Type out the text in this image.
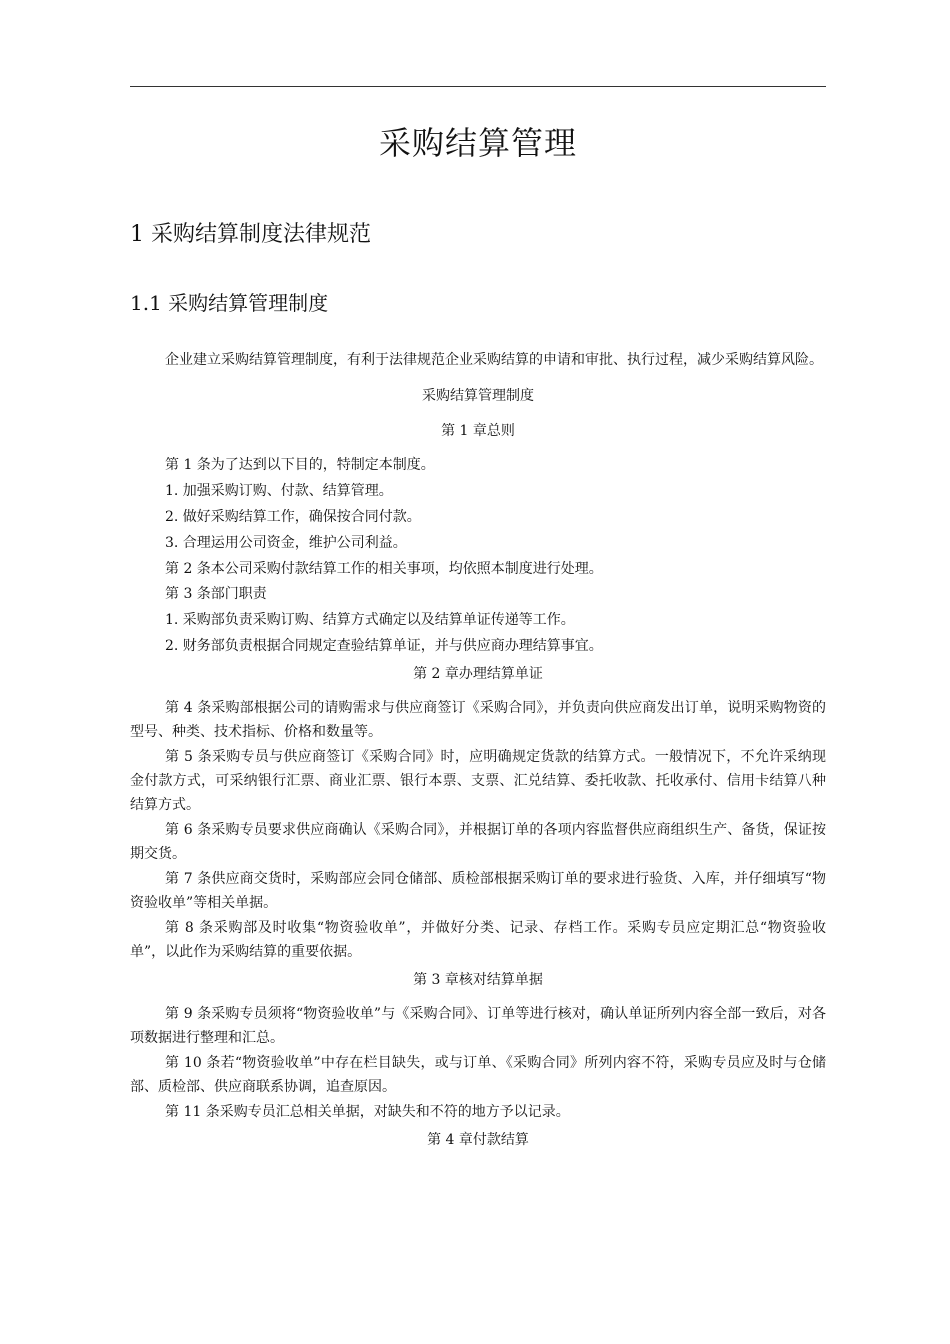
采购结算管理
1 采购结算制度法律规范
1.1 采购结算管理制度

企业建立采购结算管理制度，有利于法律规范企业采购结算的申请和审批、执行过程，减少采购结算风险。

采购结算管理制度

第 1 章总则

第 1 条为了达到以下目的，特制定本制度。

1. 加强采购订购、付款、结算管理。

2. 做好采购结算工作，确保按合同付款。

3. 合理运用公司资金，维护公司利益。

第 2 条本公司采购付款结算工作的相关事项，均依照本制度进行处理。

第 3 条部门职责

1. 采购部负责采购订购、结算方式确定以及结算单证传递等工作。

2. 财务部负责根据合同规定查验结算单证，并与供应商办理结算事宜。

第 2 章办理结算单证

第 4 条采购部根据公司的请购需求与供应商签订《采购合同》，并负责向供应商发出订单，说明采购物资的型号、种类、技术指标、价格和数量等。

第 5 条采购专员与供应商签订《采购合同》时，应明确规定货款的结算方式。一般情况下，不允许采纳现金付款方式，可采纳银行汇票、商业汇票、银行本票、支票、汇兑结算、委托收款、托收承付、信用卡结算八种结算方式。

第 6 条采购专员要求供应商确认《采购合同》，并根据订单的各项内容监督供应商组织生产、备货，保证按期交货。

第 7 条供应商交货时，采购部应会同仓储部、质检部根据采购订单的要求进行验货、入库，并仔细填写“物资验收单”等相关单据。

第 8 条采购部及时收集“物资验收单”，并做好分类、记录、存档工作。采购专员应定期汇总“物资验收单”，以此作为采购结算的重要依据。

第 3 章核对结算单据

第 9 条采购专员须将“物资验收单”与《采购合同》、订单等进行核对，确认单证所列内容全部一致后，对各项数据进行整理和汇总。

第 10 条若“物资验收单”中存在栏目缺失，或与订单、《采购合同》所列内容不符，采购专员应及时与仓储部、质检部、供应商联系协调，追查原因。

第 11 条采购专员汇总相关单据，对缺失和不符的地方予以记录。

第 4 章付款结算
